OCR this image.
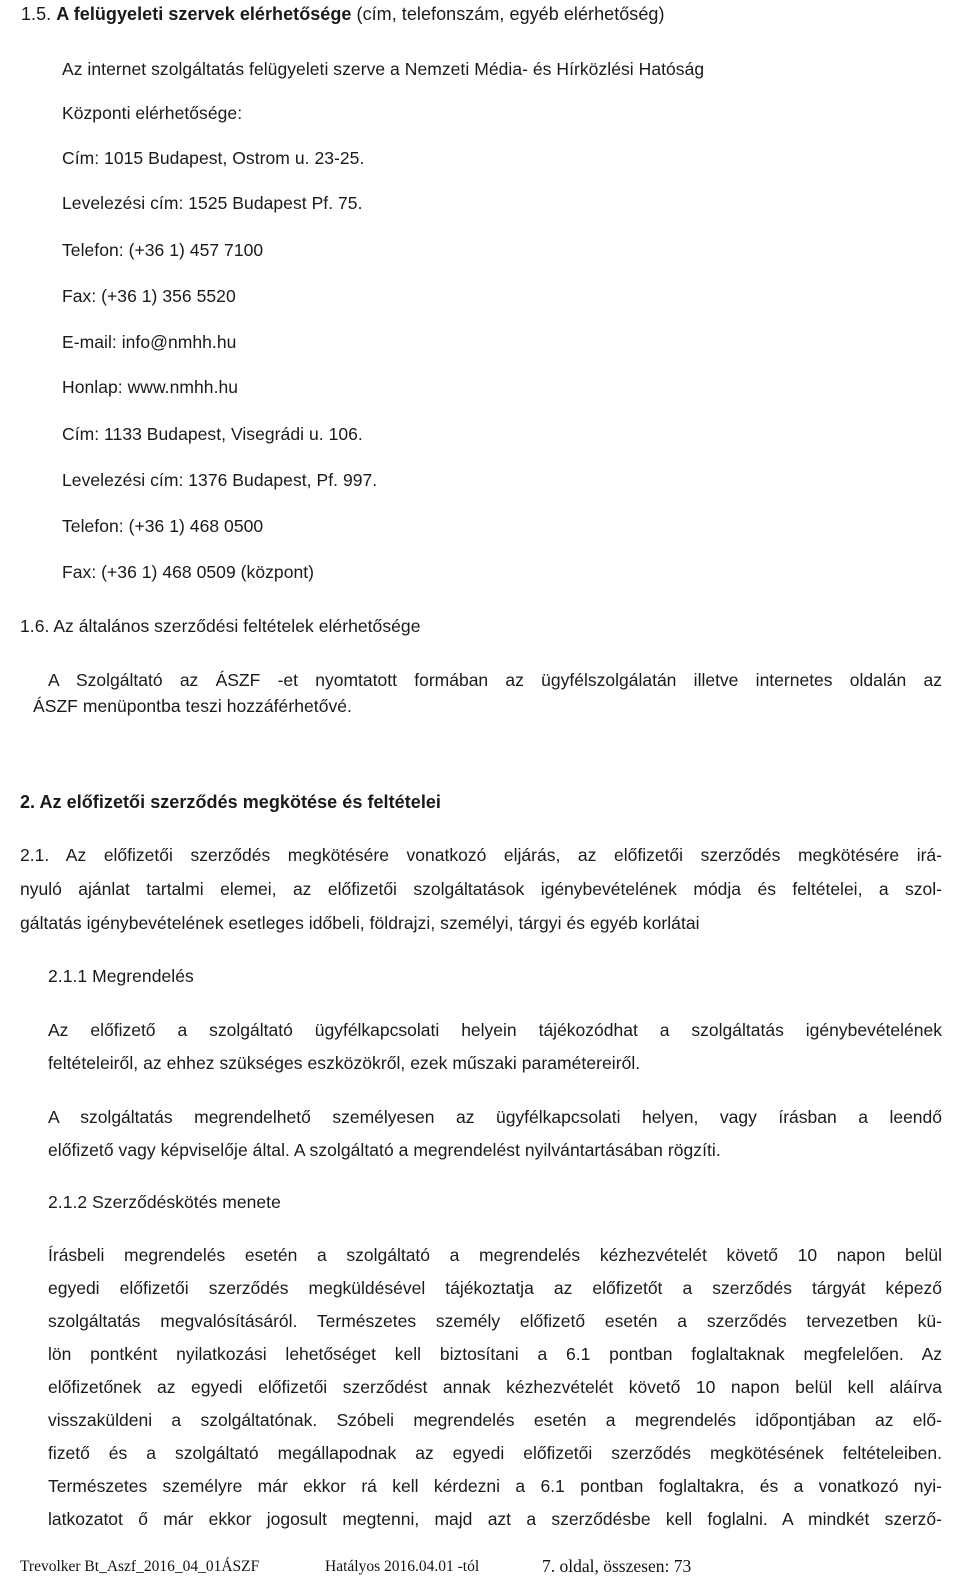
1.5. A felügyeleti szervek elérhetősége (cím, telefonszám, egyéb elérhetőség)
Az internet szolgáltatás felügyeleti szerve a Nemzeti Média- és Hírközlési Hatóság
Központi elérhetősége:
Cím: 1015 Budapest, Ostrom u. 23-25.
Levelezési cím: 1525 Budapest Pf. 75.
Telefon: (+36 1) 457 7100
Fax: (+36 1) 356 5520
E-mail: info@nmhh.hu
Honlap: www.nmhh.hu
Cím: 1133 Budapest, Visegrádi u. 106.
Levelezési cím: 1376 Budapest, Pf. 997.
Telefon: (+36 1) 468 0500
Fax: (+36 1) 468 0509 (központ)
1.6. Az általános szerződési feltételek elérhetősége
A Szolgáltató az ÁSZF -et nyomtatott formában az ügyfélszolgálatán illetve internetes oldalán az
ÁSZF menüpontba teszi hozzáférhetővé.
2. Az előfizetői szerződés megkötése és feltételei
2.1. Az előfizetői szerződés megkötésére vonatkozó eljárás, az előfizetői szerződés megkötésére irá-
nyuló ajánlat tartalmi elemei, az előfizetői szolgáltatások igénybevételének módja és feltételei, a szol-
gáltatás igénybevételének esetleges időbeli, földrajzi, személyi, tárgyi és egyéb korlátai
2.1.1 Megrendelés
Az előfizető a szolgáltató ügyfélkapcsolati helyein tájékozódhat a szolgáltatás igénybevételének
feltételeiről, az ehhez szükséges eszközökről, ezek műszaki paramétereiről.
A szolgáltatás megrendelhető személyesen az ügyfélkapcsolati helyen, vagy írásban a leendő
előfizető vagy képviselője által. A szolgáltató a megrendelést nyilvántartásában rögzíti.
2.1.2 Szerződéskötés menete
Írásbeli megrendelés esetén a szolgáltató a megrendelés kézhezvételét követő 10 napon belül
egyedi előfizetői szerződés megküldésével tájékoztatja az előfizetőt a szerződés tárgyát képező
szolgáltatás megvalósításáról. Természetes személy előfizető esetén a szerződés tervezetben kü-
lön pontként nyilatkozási lehetőséget kell biztosítani a 6.1 pontban foglaltaknak megfelelően. Az
előfizetőnek az egyedi előfizetői szerződést annak kézhezvételét követő 10 napon belül kell aláírva
visszaküldeni a szolgáltatónak. Szóbeli megrendelés esetén a megrendelés időpontjában az elő-
fizető és a szolgáltató megállapodnak az egyedi előfizetői szerződés megkötésének feltételeiben.
Természetes személyre már ekkor rá kell kérdezni a 6.1 pontban foglaltakra, és a vonatkozó nyi-
latkozatot ő már ekkor jogosult megtenni, majd azt a szerződésbe kell foglalni. A mindkét szerző-
Trevolker Bt_Aszf_2016_04_01ÁSZF	Hatályos 2016.04.01 -tól	7. oldal, összesen: 73
